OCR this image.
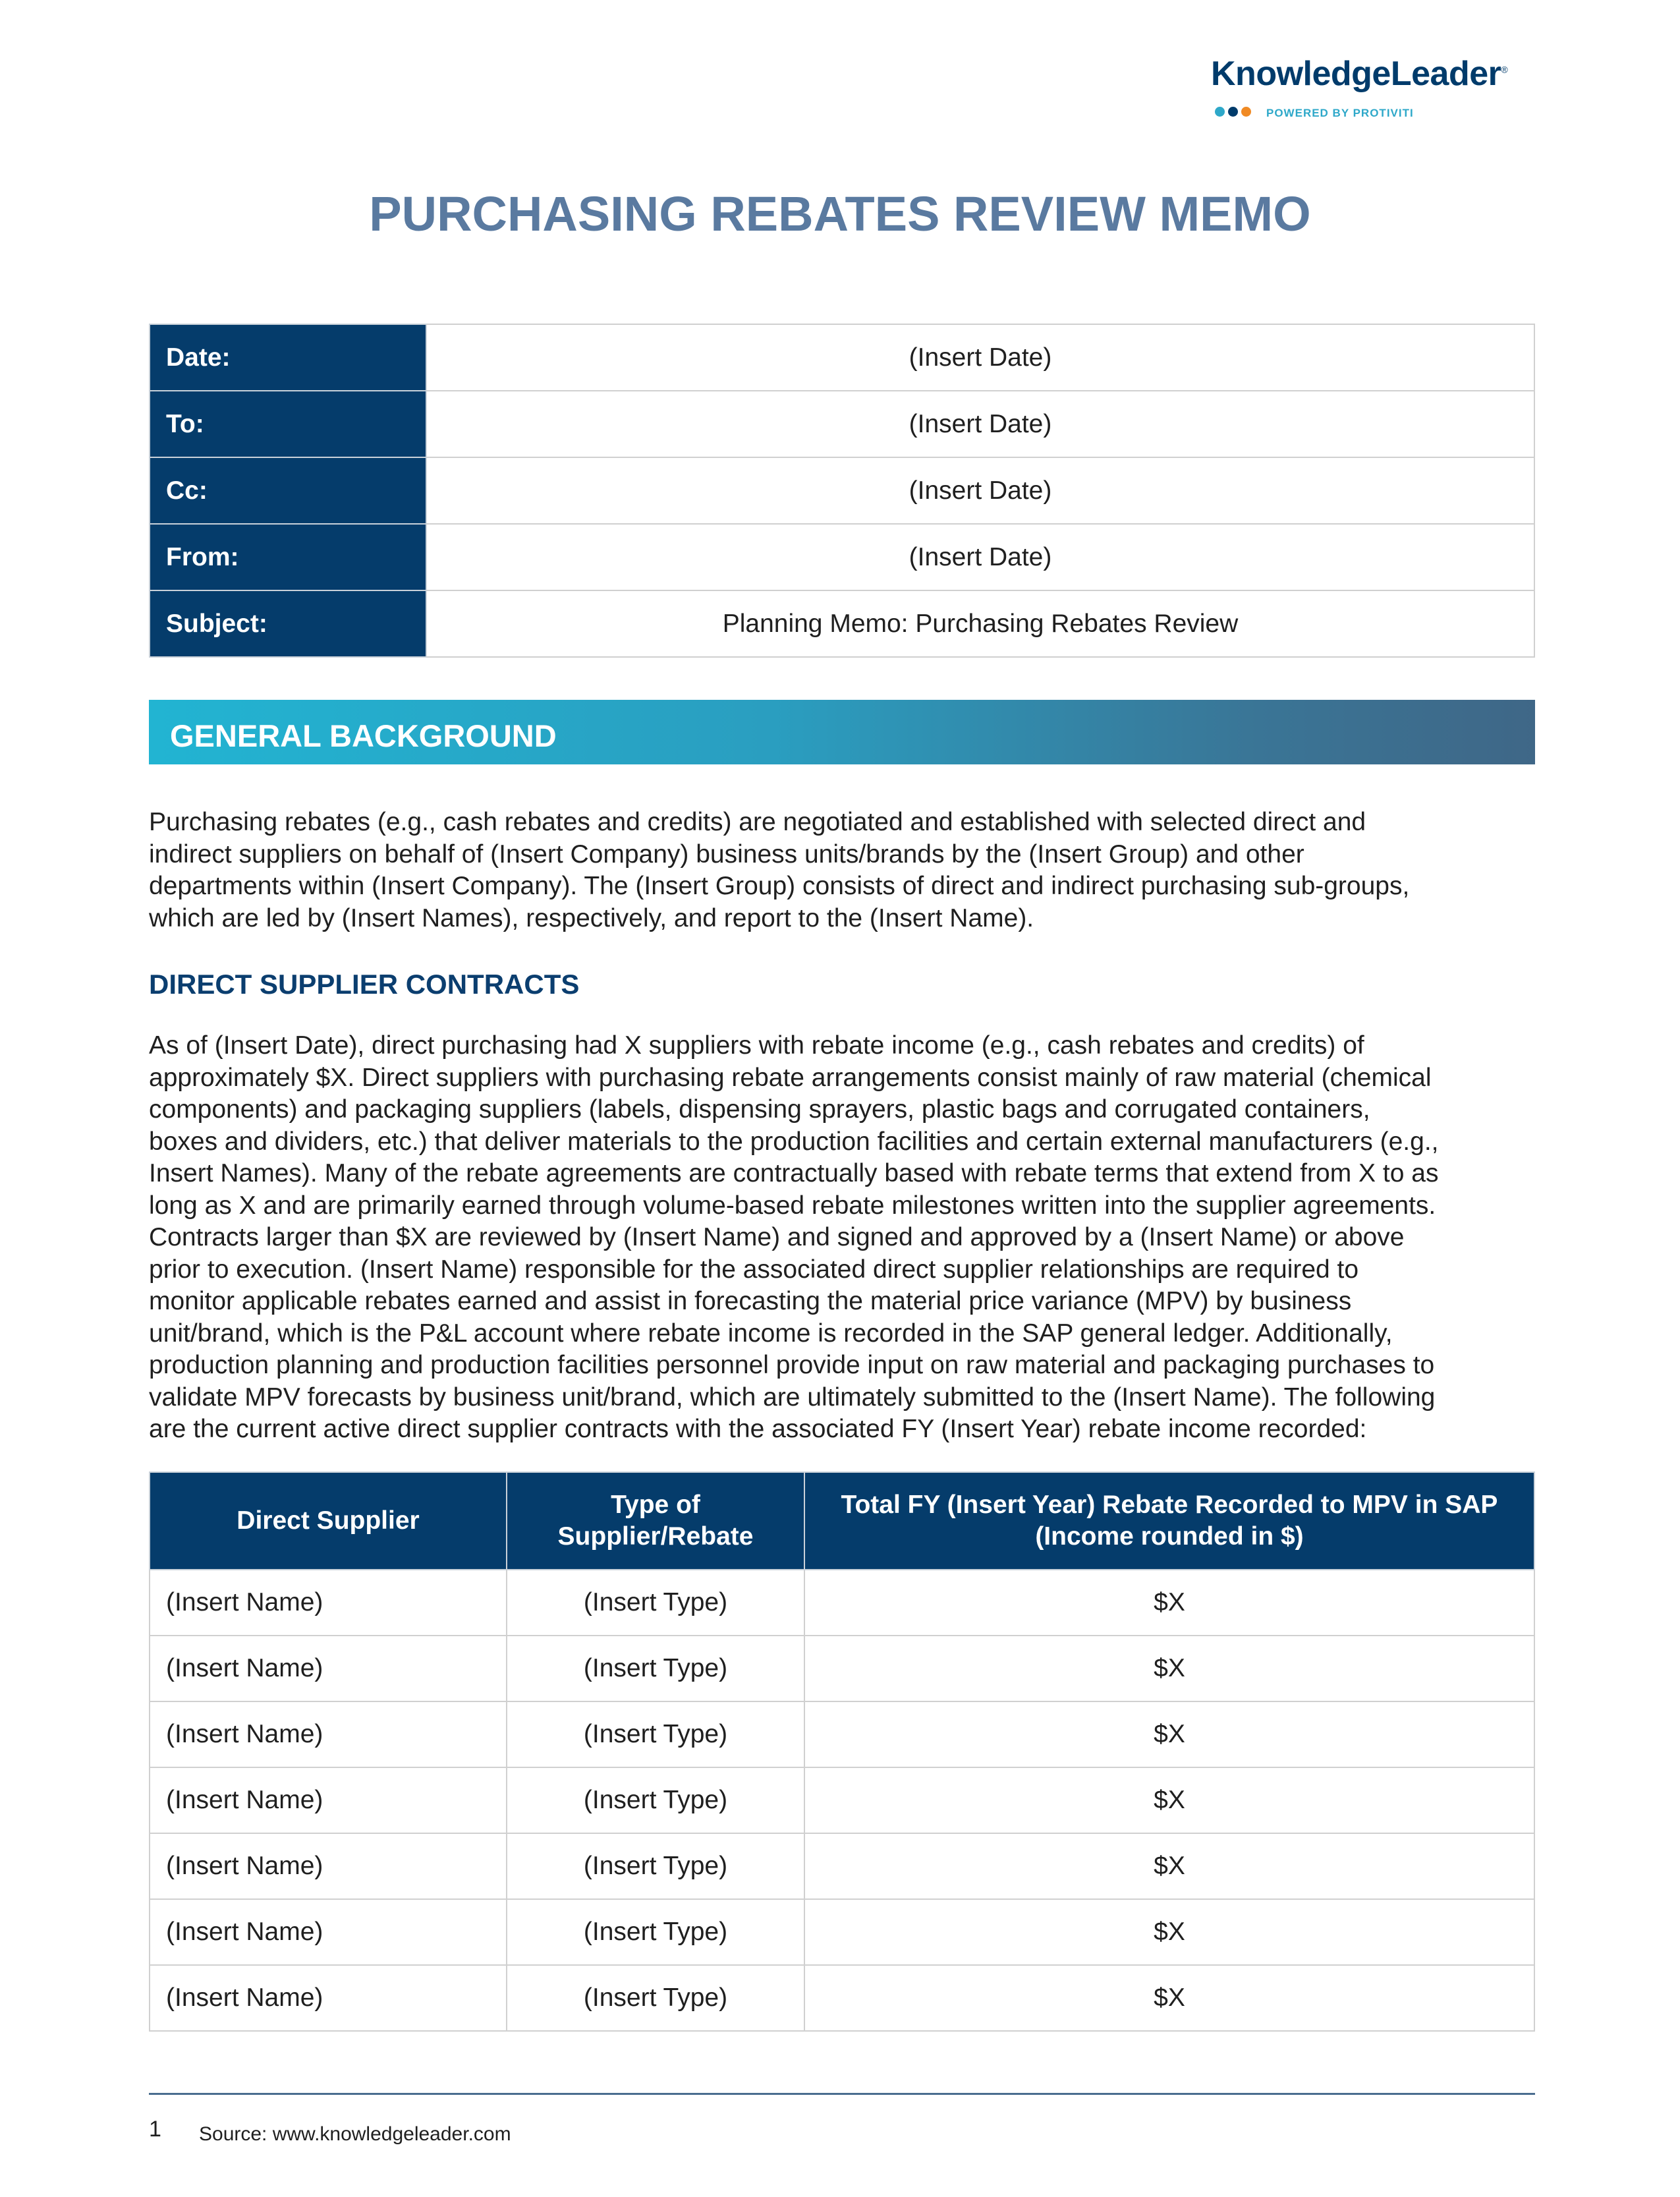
KnowledgeLeader®
POWERED BY PROTIVITI
PURCHASING REBATES REVIEW MEMO
Date:	(Insert Date)
To:	(Insert Date)
Cc:	(Insert Date)
From:	(Insert Date)
Subject:	Planning Memo: Purchasing Rebates Review
GENERAL BACKGROUND
Purchasing rebates (e.g., cash rebates and credits) are negotiated and established with selected direct and
indirect suppliers on behalf of (Insert Company) business units/brands by the (Insert Group) and other
departments within (Insert Company). The (Insert Group) consists of direct and indirect purchasing sub-groups,
which are led by (Insert Names), respectively, and report to the (Insert Name).
DIRECT SUPPLIER CONTRACTS
As of (Insert Date), direct purchasing had X suppliers with rebate income (e.g., cash rebates and credits) of
approximately $X. Direct suppliers with purchasing rebate arrangements consist mainly of raw material (chemical
components) and packaging suppliers (labels, dispensing sprayers, plastic bags and corrugated containers,
boxes and dividers, etc.) that deliver materials to the production facilities and certain external manufacturers (e.g.,
Insert Names). Many of the rebate agreements are contractually based with rebate terms that extend from X to as
long as X and are primarily earned through volume-based rebate milestones written into the supplier agreements.
Contracts larger than $X are reviewed by (Insert Name) and signed and approved by a (Insert Name) or above
prior to execution. (Insert Name) responsible for the associated direct supplier relationships are required to
monitor applicable rebates earned and assist in forecasting the material price variance (MPV) by business
unit/brand, which is the P&L account where rebate income is recorded in the SAP general ledger. Additionally,
production planning and production facilities personnel provide input on raw material and packaging purchases to
validate MPV forecasts by business unit/brand, which are ultimately submitted to the (Insert Name). The following
are the current active direct supplier contracts with the associated FY (Insert Year) rebate income recorded:
Direct Supplier	Type of Supplier/Rebate	Total FY (Insert Year) Rebate Recorded to MPV in SAP (Income rounded in $)
(Insert Name)	(Insert Type)	$X
(Insert Name)	(Insert Type)	$X
(Insert Name)	(Insert Type)	$X
(Insert Name)	(Insert Type)	$X
(Insert Name)	(Insert Type)	$X
(Insert Name)	(Insert Type)	$X
(Insert Name)	(Insert Type)	$X
1 Source: www.knowledgeleader.com
